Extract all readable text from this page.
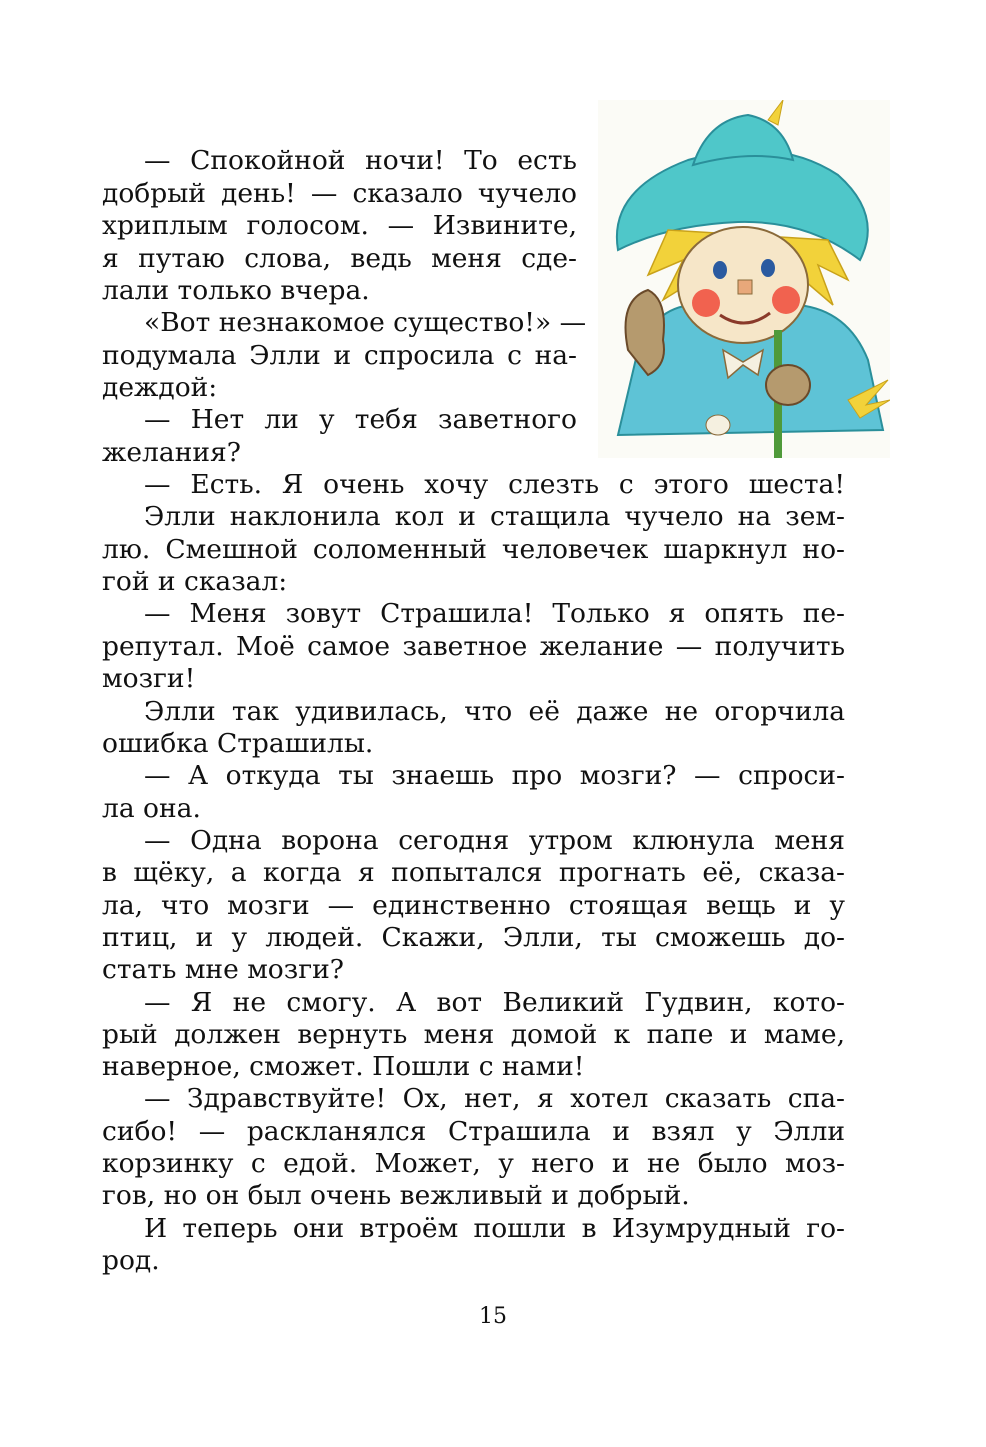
— Спокойной ночи! То есть
добрый день! — сказало чучело
хриплым голосом. — Извините,
я путаю слова, ведь меня сде-
лали только вчера.
«Вот незнакомое существо!» —
подумала Элли и спросила с на-
деждой:
— Нет ли у тебя заветного
желания?
— Есть. Я очень хочу слезть с этого шеста!
Элли наклонила кол и стащила чучело на зем-
лю. Смешной соломенный человечек шаркнул но-
гой и сказал:
— Меня зовут Страшила! Только я опять пе-
репутал. Моё самое заветное желание — получить
мозги!
Элли так удивилась, что её даже не огорчила
ошибка Страшилы.
— А откуда ты знаешь про мозги? — спроси-
ла она.
— Одна ворона сегодня утром клюнула меня
в щёку, а когда я попытался прогнать её, сказа-
ла, что мозги — единственно стоящая вещь и у
птиц, и у людей. Скажи, Элли, ты сможешь до-
стать мне мозги?
— Я не смогу. А вот Великий Гудвин, кото-
рый должен вернуть меня домой к папе и маме,
наверное, сможет. Пошли с нами!
— Здравствуйте! Ох, нет, я хотел сказать спа-
сибо! — раскланялся Страшила и взял у Элли
корзинку с едой. Может, у него и не было моз-
гов, но он был очень вежливый и добрый.
И теперь они втроём пошли в Изумрудный го-
род.
15
